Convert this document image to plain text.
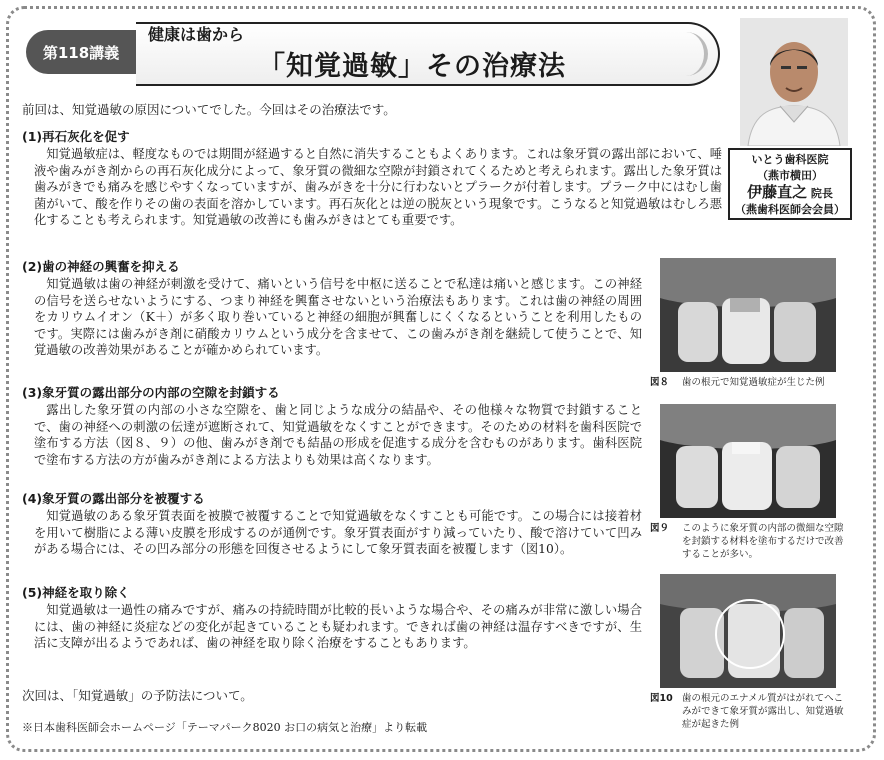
第118講義
健康は歯から
「知覚過敏」その治療法
いとう歯科医院
（燕市横田）
伊藤直之 院長
（燕歯科医師会会員）
前回は、知覚過敏の原因についてでした。今回はその治療法です。
(1)再石灰化を促す

知覚過敏症は、軽度なものでは期間が経過すると自然に消失することもよくあります。これは象牙質の露出部において、唾液や歯みがき剤からの再石灰化成分によって、象牙質の微細な空隙が封鎖されてくるためと考えられます。露出した象牙質は歯みがきでも痛みを感じやすくなっていますが、歯みがきを十分に行わないとプラークが付着します。プラーク中にはむし歯菌がいて、酸を作りその歯の表面を溶かしています。再石灰化とは逆の脱灰という現象です。こうなると知覚過敏はむしろ悪化することも考えられます。知覚過敏の改善にも歯みがきはとても重要です。

(2)歯の神経の興奮を抑える

知覚過敏は歯の神経が刺激を受けて、痛いという信号を中枢に送ることで私達は痛いと感じます。この神経の信号を送らせないようにする、つまり神経を興奮させないという治療法もあります。これは歯の神経の周囲をカリウムイオン（K＋）が多く取り巻いていると神経の細胞が興奮しにくくなるということを利用したものです。実際には歯みがき剤に硝酸カリウムという成分を含ませて、この歯みがき剤を継続して使うことで、知覚過敏の改善効果があることが確かめられています。

(3)象牙質の露出部分の内部の空隙を封鎖する

露出した象牙質の内部の小さな空隙を、歯と同じような成分の結晶や、その他様々な物質で封鎖することで、歯の神経への刺激の伝達が遮断されて、知覚過敏をなくすことができます。そのための材料を歯科医院で塗布する方法（図８、９）の他、歯みがき剤でも結晶の形成を促進する成分を含むものがあります。歯科医院で塗布する方法の方が歯みがき剤による方法よりも効果は高くなります。

(4)象牙質の露出部分を被覆する

知覚過敏のある象牙質表面を被膜で被覆することで知覚過敏をなくすことも可能です。この場合には接着材を用いて樹脂による薄い皮膜を形成するのが通例です。象牙質表面がすり減っていたり、酸で溶けていて凹みがある場合には、その凹み部分の形態を回復させるようにして象牙質表面を被覆します（図10）。

(5)神経を取り除く

知覚過敏は一過性の痛みですが、痛みの持続時間が比較的長いような場合や、その痛みが非常に激しい場合には、歯の神経に炎症などの変化が起きていることも疑われます。できれば歯の神経は温存すべきですが、生活に支障が出るようであれば、歯の神経を取り除く治療をすることもあります。

次回は、「知覚過敏」の予防法について。
※日本歯科医師会ホームページ「テーマパーク8020 お口の病気と治療」より転載
図８	歯の根元で知覚過敏症が生じた例
図９	このように象牙質の内部の微細な空隙を封鎖する材料を塗布するだけで改善することが多い。
図10 歯の根元のエナメル質がはがれてへこみができて象牙質が露出し、知覚過敏症が起きた例
